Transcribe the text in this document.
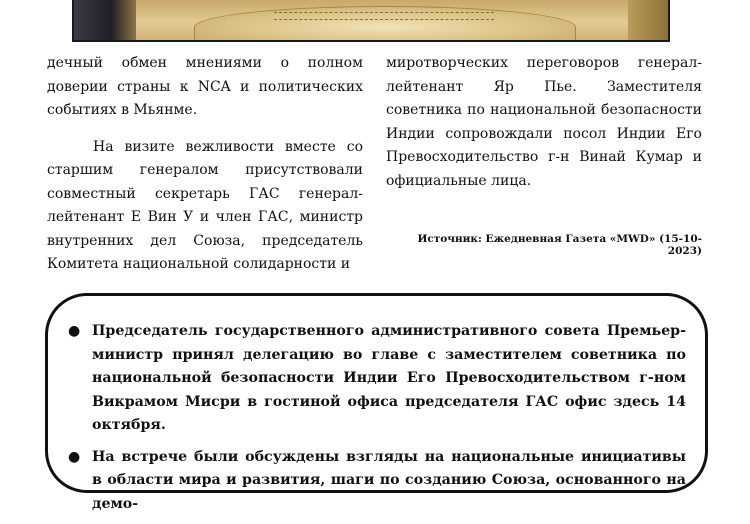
дечный обмен мнениями о полном доверии страны к NCA и политических событиях в Мьянме.

На визите вежливости вместе со старшим генералом присутствовали совместный секретарь ГАС генерал-лейтенант Е Вин У и член ГАС, министр внутренних дел Союза, председатель Комитета национальной солидарности и

миротворческих переговоров генерал-лейтенант Яр Пье. Заместителя советника по национальной безопасности Индии сопровождали посол Индии Его Превосходительство г-н Винай Кумар и официальные лица.

Источник: Ежедневная Газета «MWD» (15-10-2023)
● Председатель государственного административного совета Премьер-министр принял делегацию во главе с заместителем советника по национальной безопасности Индии Его Превосходительством г-ном Викрамом Мисри в гостиной офиса председателя ГАС офис здесь 14 октября.
● На встрече были обсуждены взгляды на национальные инициативы в области мира и развития, шаги по созданию Союза, основанного на демо-
